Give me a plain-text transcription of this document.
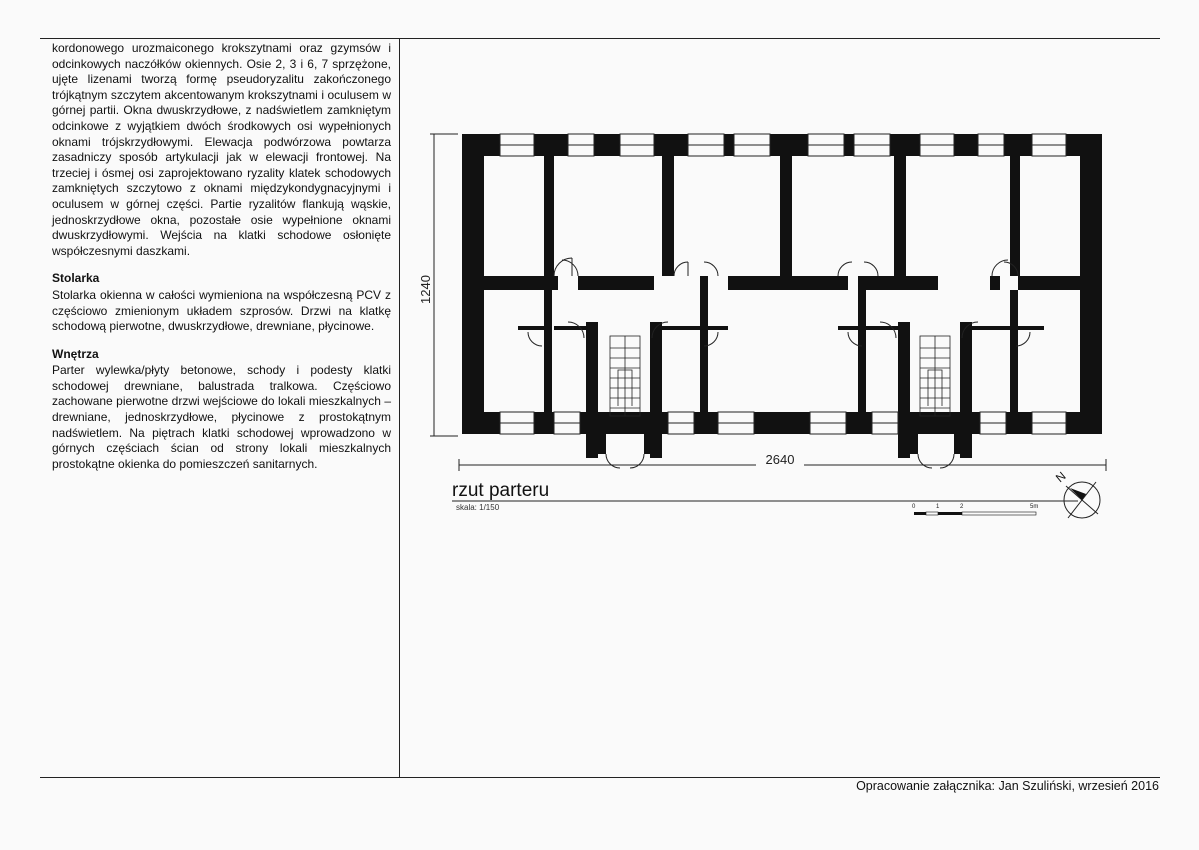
kordonowego urozmaiconego krokszytnami oraz gzymsów i odcinkowych naczółków okiennych. Osie 2, 3 i 6, 7 sprzężone, ujęte lizenami tworzą formę pseudoryzalitu zakończonego trójkątnym szczytem akcentowanym krokszytnami i oculusem w górnej partii. Okna dwuskrzydłowe, z nadświetlem zamkniętym odcinkowe z wyjątkiem dwóch środkowych osi wypełnionych oknami trójskrzydłowymi. Elewacja podwórzowa powtarza zasadniczy sposób artykulacji jak w elewacji frontowej. Na trzeciej i ósmej osi zaprojektowano ryzality klatek schodowych zamkniętych szczytowo z oknami międzykondygnacyjnymi i oculusem w górnej części. Partie ryzalitów flankują wąskie, jednoskrzydłowe okna, pozostałe osie wypełnione oknami dwuskrzydłowymi. Wejścia na klatki schodowe osłonięte współczesnymi daszkami.

Stolarka

Stolarka okienna w całości wymieniona na współczesną PCV z częściowo zmienionym układem szprosów. Drzwi na klatkę schodową pierwotne, dwuskrzydłowe, drewniane, płycinowe.

Wnętrza

Parter wylewka/płyty betonowe, schody i podesty klatki schodowej drewniane, balustrada tralkowa. Częściowo zachowane pierwotne drzwi wejściowe do lokali mieszkalnych – drewniane, jednoskrzydłowe, płycinowe z prostokątnym nadświetlem. Na piętrach klatki schodowej wprowadzono w górnych częściach ścian od strony lokali mieszkalnych prostokątne okienka do pomieszczeń sanitarnych.

1240
2640
rzut parteru
skala: 1/150	0	1	2	5m
N
Opracowanie załącznika: Jan Szuliński, wrzesień 2016
